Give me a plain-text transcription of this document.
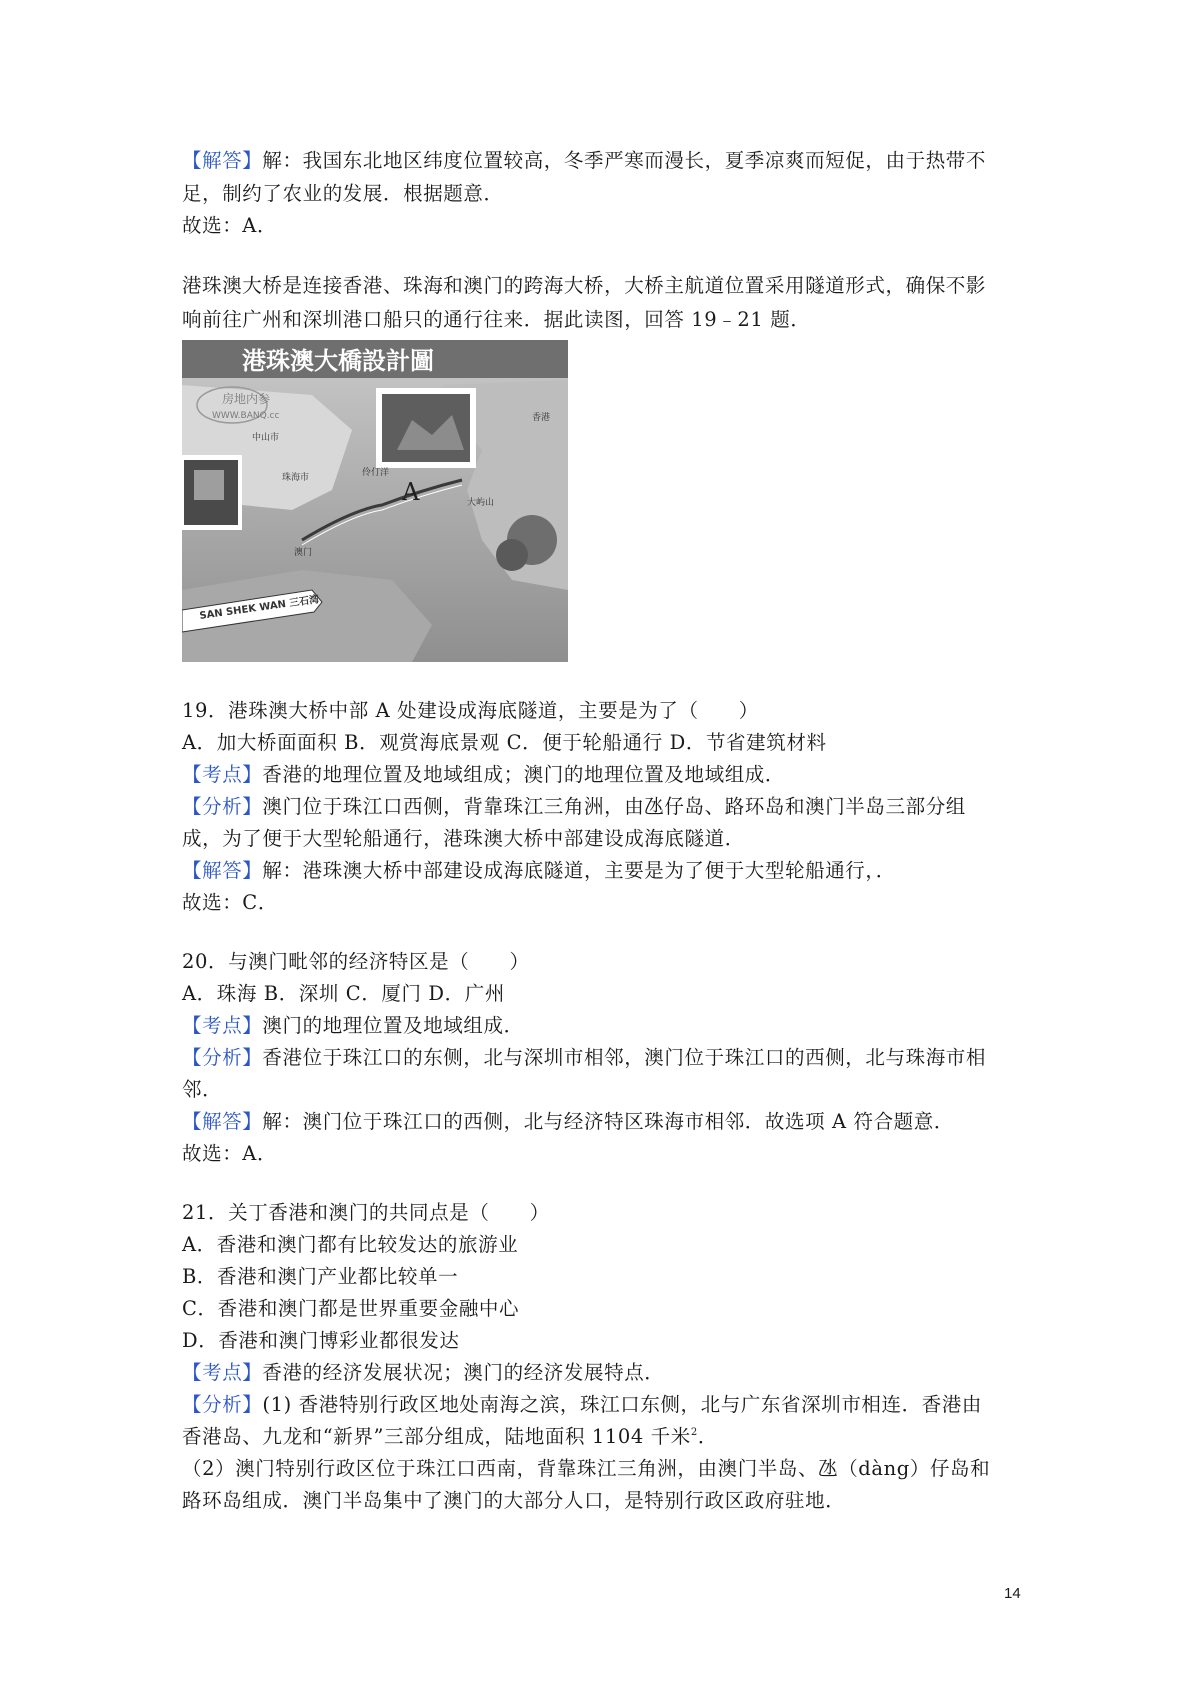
【解答】解：我国东北地区纬度位置较高，冬季严寒而漫长，夏季凉爽而短促，由于热带不
足，制约了农业的发展．根据题意．
故选：A．
港珠澳大桥是连接香港、珠海和澳门的跨海大桥，大桥主航道位置采用隧道形式，确保不影
响前往广州和深圳港口船只的通行往来．据此读图，回答 19﹣21 题．
港珠澳大橋設計圖
房地内参
WWW.BANQ.cc
A
中山市
珠海市
澳门
伶仃洋
大屿山
香港
SAN SHEK WAN 三石湾
19．港珠澳大桥中部 A 处建设成海底隧道，主要是为了（　　）
A．加大桥面面积 B．观赏海底景观 C．便于轮船通行 D．节省建筑材料
【考点】香港的地理位置及地域组成；澳门的地理位置及地域组成．
【分析】澳门位于珠江口西侧，背靠珠江三角洲，由氹仔岛、路环岛和澳门半岛三部分组
成，为了便于大型轮船通行，港珠澳大桥中部建设成海底隧道．
【解答】解：港珠澳大桥中部建设成海底隧道，主要是为了便于大型轮船通行，．
故选：C．
20．与澳门毗邻的经济特区是（　　）
A．珠海 B．深圳 C．厦门 D．广州
【考点】澳门的地理位置及地域组成．
【分析】香港位于珠江口的东侧，北与深圳市相邻，澳门位于珠江口的西侧，北与珠海市相
邻．
【解答】解：澳门位于珠江口的西侧，北与经济特区珠海市相邻．故选项 A 符合题意．
故选：A．
21．关丁香港和澳门的共同点是（　　）
A．香港和澳门都有比较发达的旅游业
B．香港和澳门产业都比较单一
C．香港和澳门都是世界重要金融中心
D．香港和澳门博彩业都很发达
【考点】香港的经济发展状况；澳门的经济发展特点．
【分析】(1) 香港特别行政区地处南海之滨，珠江口东侧，北与广东省深圳市相连．香港由
香港岛、九龙和“新界”三部分组成，陆地面积 1104 千米$^2$．
（2）澳门特别行政区位于珠江口西南，背靠珠江三角洲，由澳门半岛、氹（dàng）仔岛和
路环岛组成．澳门半岛集中了澳门的大部分人口，是特别行政区政府驻地．
14
